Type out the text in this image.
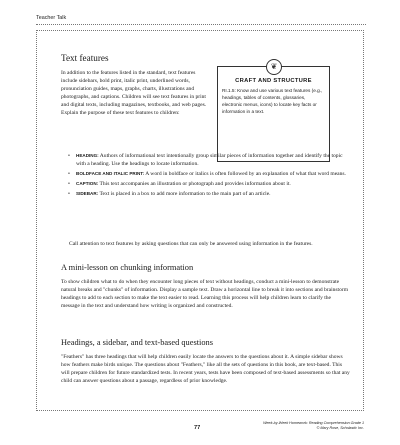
Teacher Talk
Text features

In addition to the features listed in the standard, text features include sidebars, bold print, italic print, underlined words, pronunciation guides, maps, graphs, charts, illustrations and photographs, and captions. Children will see text features in print and digital texts, including magazines, textbooks, and web pages. Explain the purpose of these text features to children:

❦

CRAFT AND STRUCTURE

RI.1.5: Know and use various text features (e.g., headings, tables of contents, glossaries, electronic menus, icons) to locate key facts or information in a text.

• HEADING: Authors of informational text intentionally group similar pieces of information together and identify the topic with a heading. Use the headings to locate information.
• BOLDFACE AND ITALIC PRINT: A word in boldface or italics is often followed by an explanation of what that word means.
• CAPTION: This text accompanies an illustration or photograph and provides information about it.
• SIDEBAR: Text is placed in a box to add more information to the main part of an article.

Call attention to text features by asking questions that can only be answered using information in the features.

A mini-lesson on chunking information

To show children what to do when they encounter long pieces of text without headings, conduct a mini-lesson to demonstrate natural breaks and "chunks" of information. Display a sample text. Draw a horizontal line to break it into sections and brainstorm headings to add to each section to make the text easier to read. Learning this process will help children learn to clarify the message in the text and understand how writing is organized and constructed.

Headings, a sidebar, and text-based questions

"Feathers" has three headings that will help children easily locate the answers to the questions about it. A simple sidebar shows how feathers make birds unique. The questions about "Feathers," like all the sets of questions in this book, are text-based. This will prepare children for future standardized tests. In recent years, tests have been composed of text-based assessments so that any child can answer questions about a passage, regardless of prior knowledge.

77
Week-by-Week Homework: Reading Comprehension Grade 1
© Mary Rose, Scholastic Inc.
